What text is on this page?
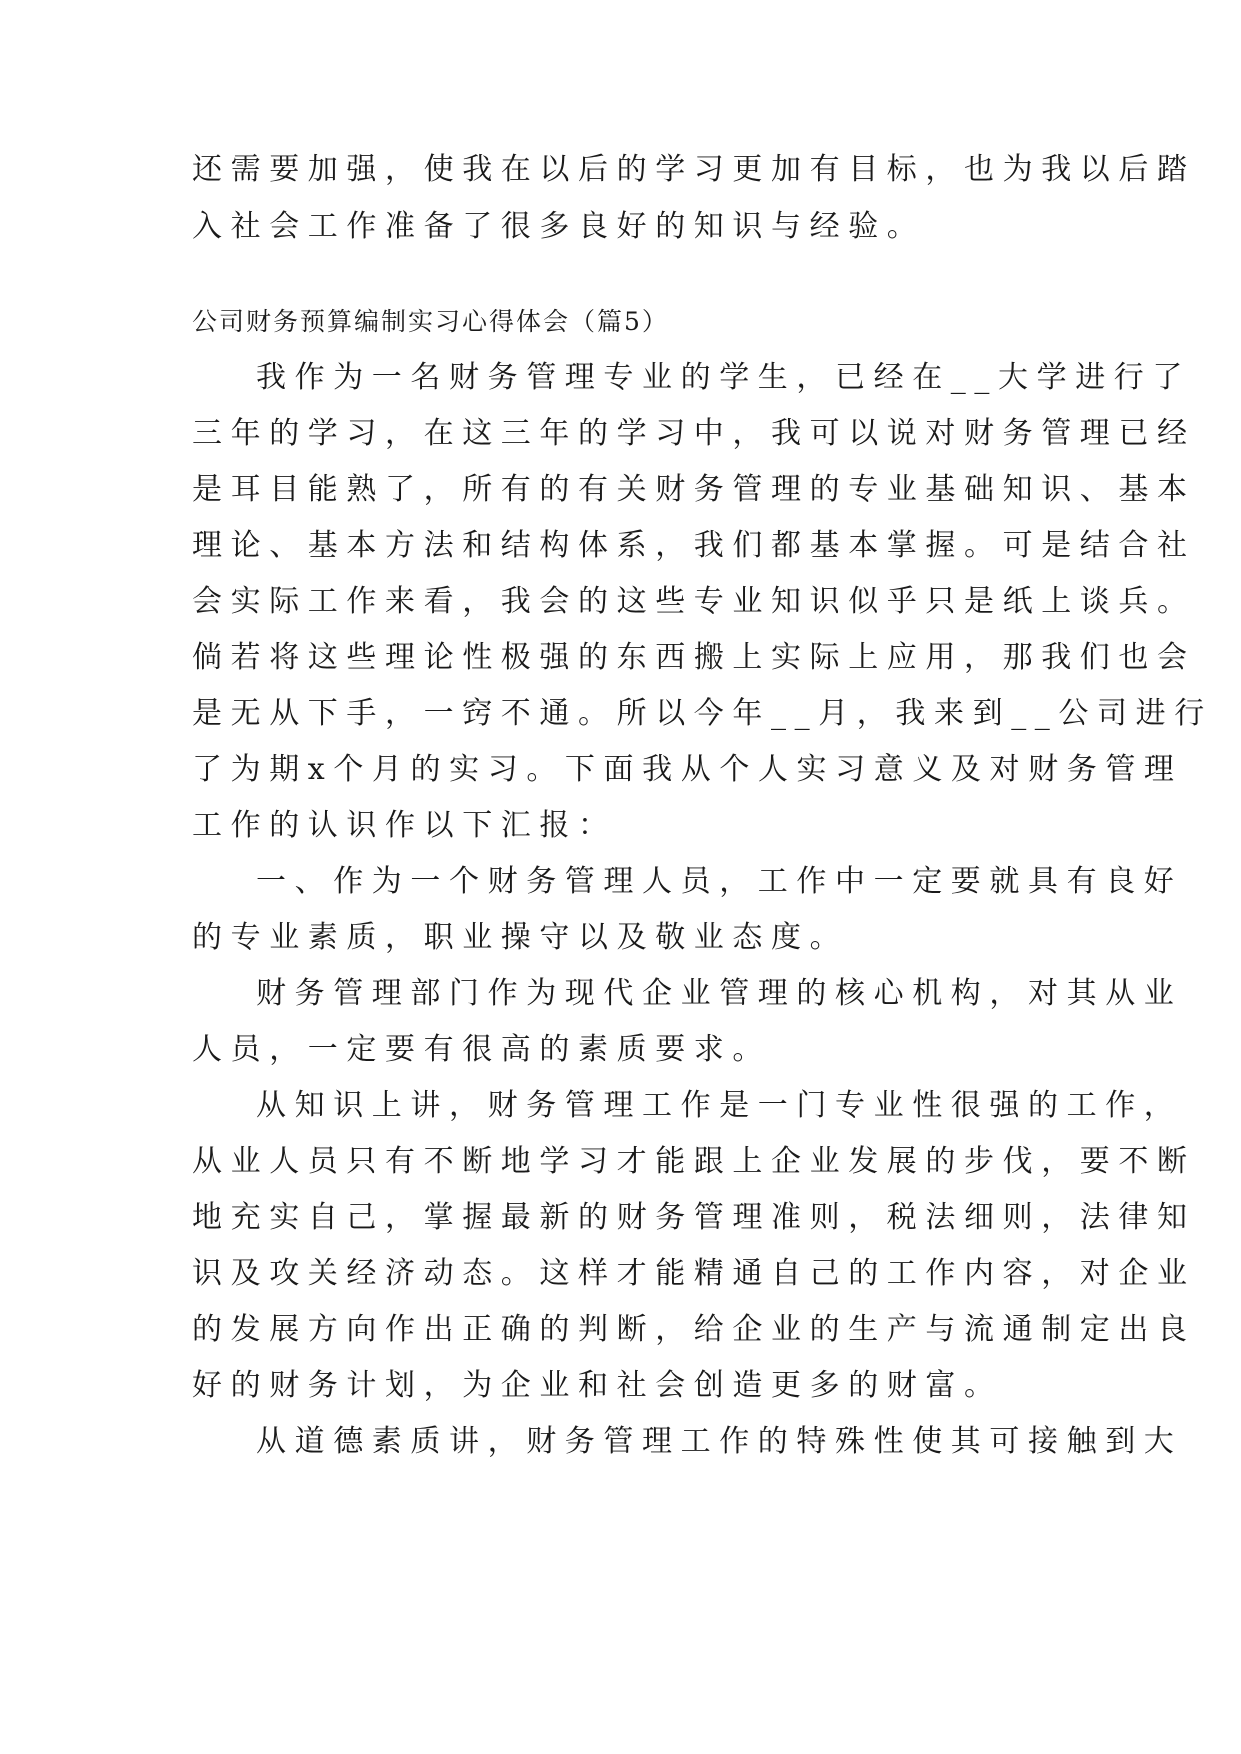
还需要加强，使我在以后的学习更加有目标，也为我以后踏
入社会工作准备了很多良好的知识与经验。
公司财务预算编制实习心得体会（篇5）
我作为一名财务管理专业的学生，已经在__大学进行了
三年的学习，在这三年的学习中，我可以说对财务管理已经
是耳目能熟了，所有的有关财务管理的专业基础知识、基本
理论、基本方法和结构体系，我们都基本掌握。可是结合社
会实际工作来看，我会的这些专业知识似乎只是纸上谈兵。
倘若将这些理论性极强的东西搬上实际上应用，那我们也会
是无从下手，一窍不通。所以今年__月，我来到__公司进行
了为期x个月的实习。下面我从个人实习意义及对财务管理
工作的认识作以下汇报：
一、作为一个财务管理人员，工作中一定要就具有良好
的专业素质，职业操守以及敬业态度。
财务管理部门作为现代企业管理的核心机构，对其从业
人员，一定要有很高的素质要求。
从知识上讲，财务管理工作是一门专业性很强的工作，
从业人员只有不断地学习才能跟上企业发展的步伐，要不断
地充实自己，掌握最新的财务管理准则，税法细则，法律知
识及攻关经济动态。这样才能精通自己的工作内容，对企业
的发展方向作出正确的判断，给企业的生产与流通制定出良
好的财务计划，为企业和社会创造更多的财富。
从道德素质讲，财务管理工作的特殊性使其可接触到大
